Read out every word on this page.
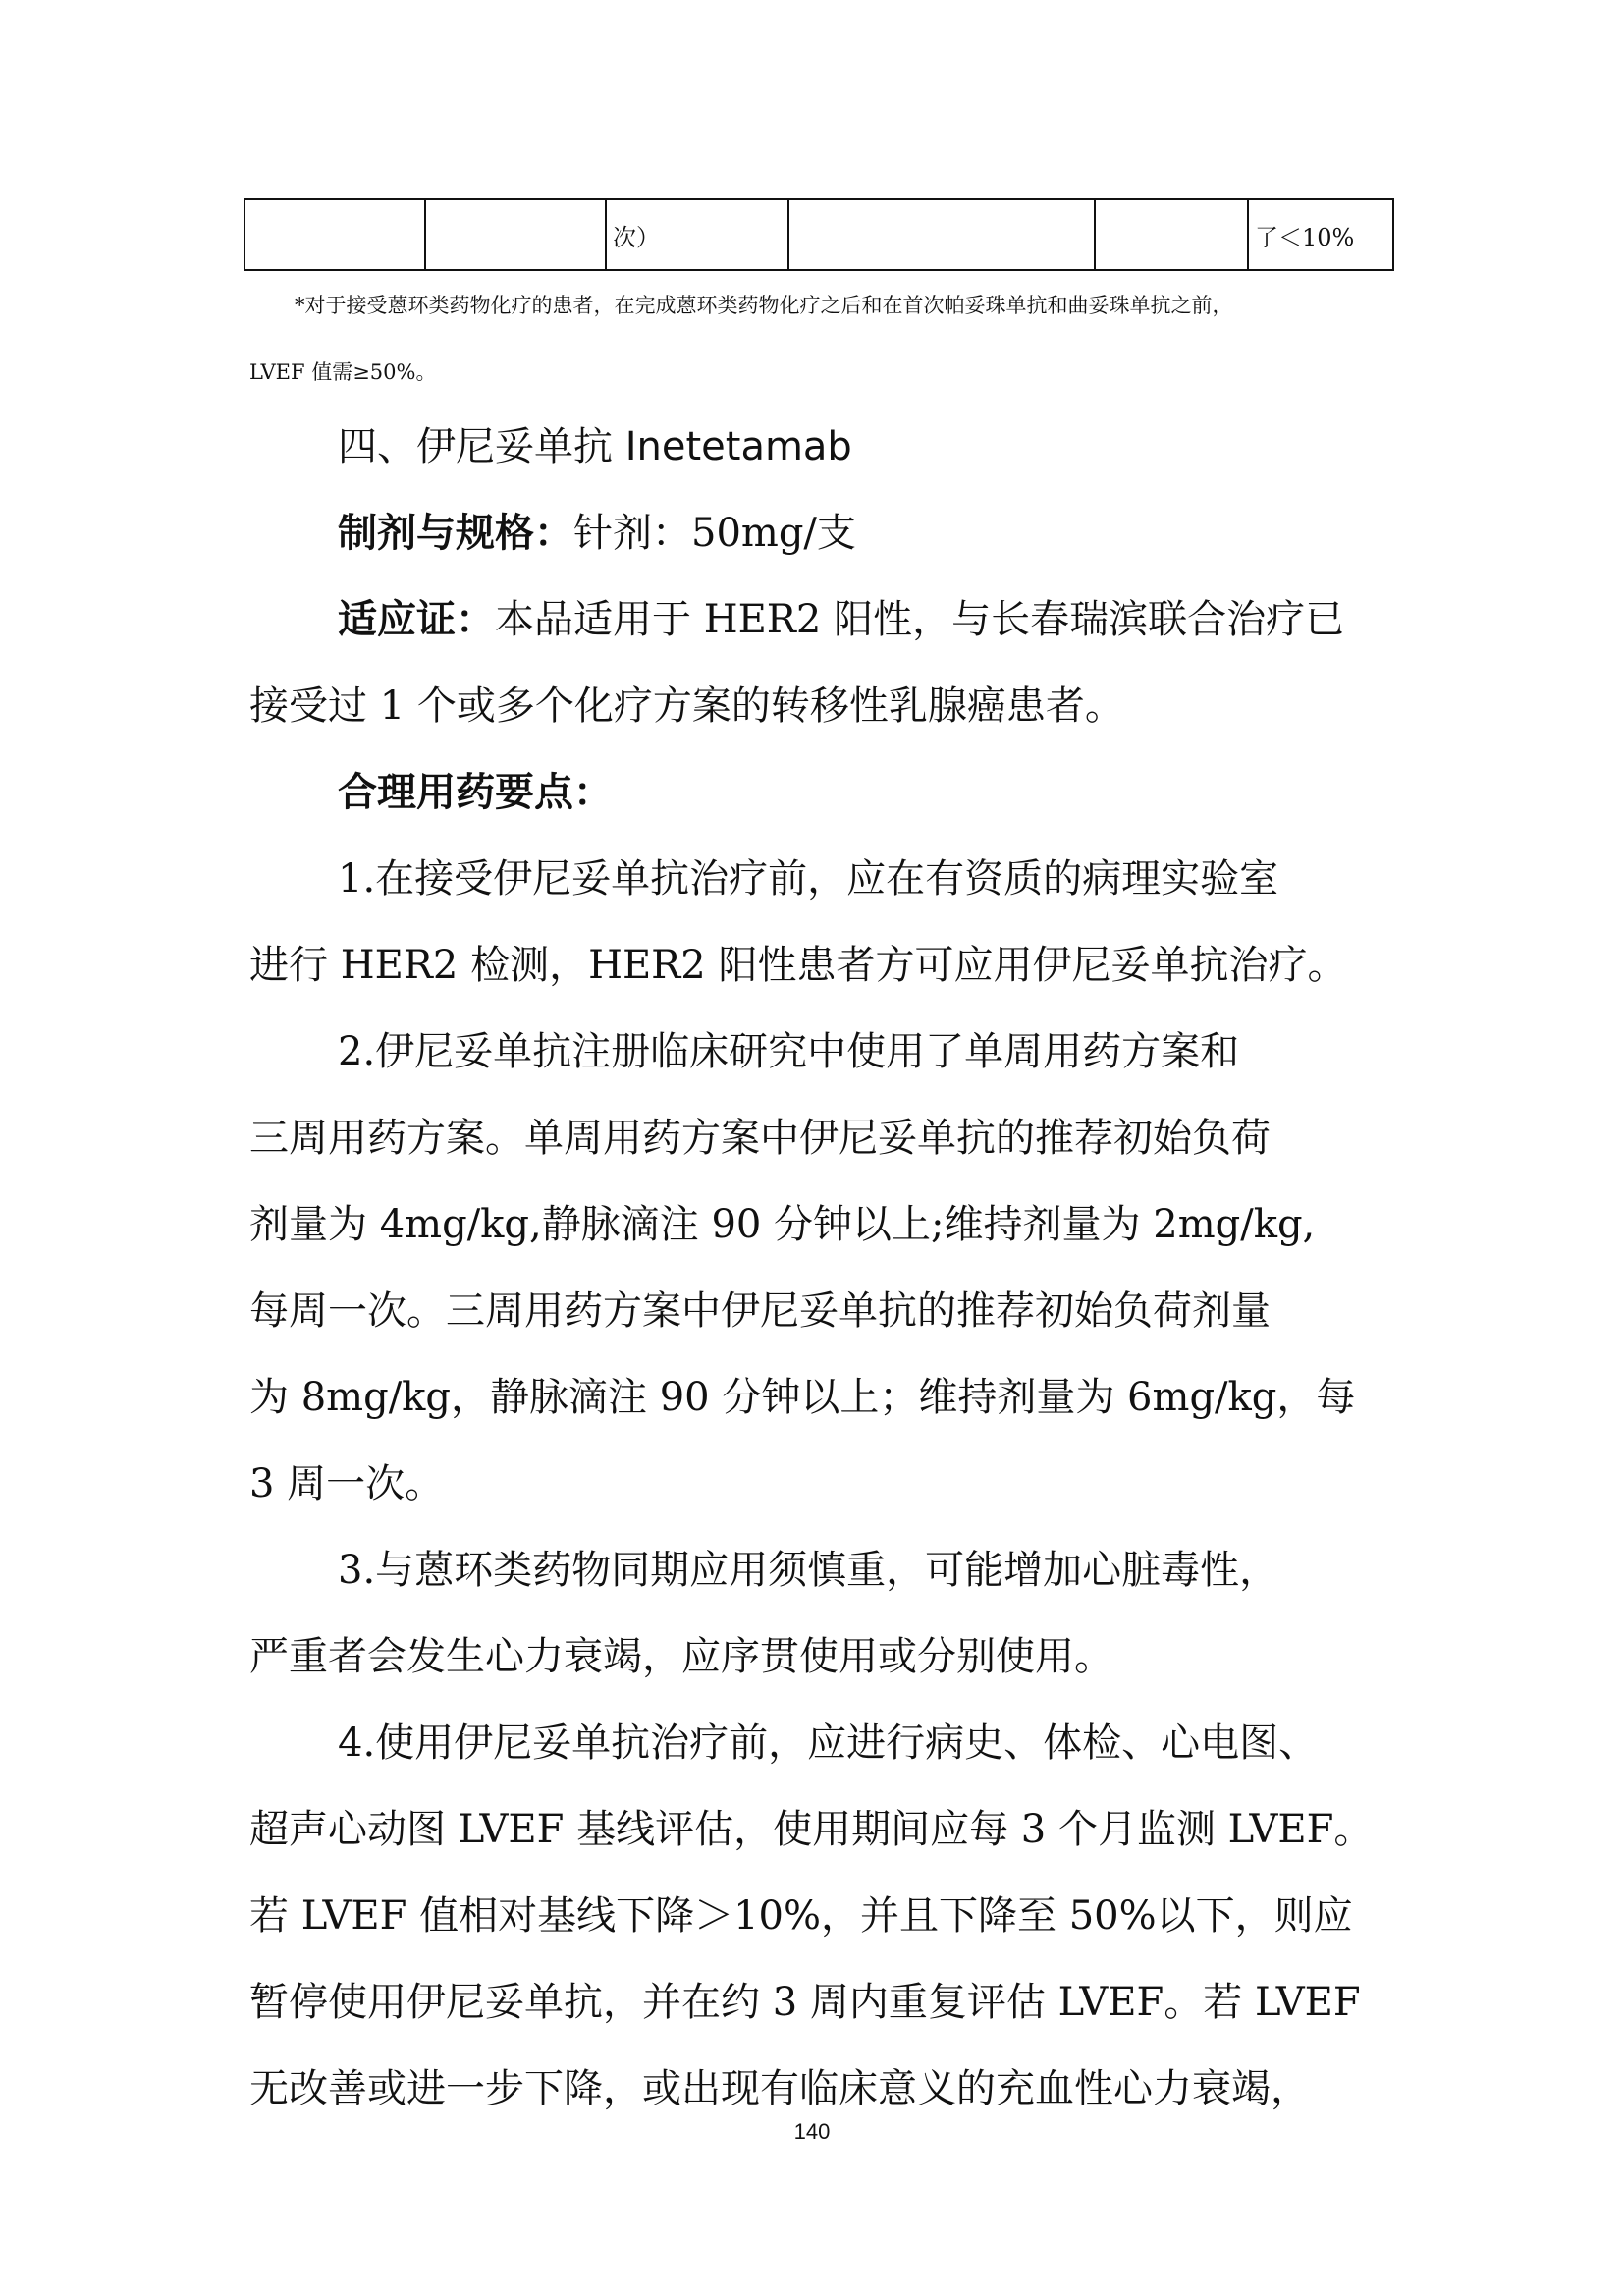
		次）			了＜10%
*对于接受蒽环类药物化疗的患者，在完成蒽环类药物化疗之后和在首次帕妥珠单抗和曲妥珠单抗之前，
LVEF 值需≥50%。
四、伊尼妥单抗 Inetetamab
制剂与规格：针剂：50mg/支
适应证：本品适用于 HER2 阳性，与长春瑞滨联合治疗已
接受过 1 个或多个化疗方案的转移性乳腺癌患者。
合理用药要点：
1.在接受伊尼妥单抗治疗前，应在有资质的病理实验室
进行 HER2 检测，HER2 阳性患者方可应用伊尼妥单抗治疗。
2.伊尼妥单抗注册临床研究中使用了单周用药方案和
三周用药方案。单周用药方案中伊尼妥单抗的推荐初始负荷
剂量为 4mg/kg,静脉滴注 90 分钟以上;维持剂量为 2mg/kg,
每周一次。三周用药方案中伊尼妥单抗的推荐初始负荷剂量
为 8mg/kg，静脉滴注 90 分钟以上；维持剂量为 6mg/kg，每
3 周一次。
3.与蒽环类药物同期应用须慎重，可能增加心脏毒性，
严重者会发生心力衰竭，应序贯使用或分别使用。
4.使用伊尼妥单抗治疗前，应进行病史、体检、心电图、
超声心动图 LVEF 基线评估，使用期间应每 3 个月监测 LVEF。
若 LVEF 值相对基线下降＞10%，并且下降至 50%以下，则应
暂停使用伊尼妥单抗，并在约 3 周内重复评估 LVEF。若 LVEF
无改善或进一步下降，或出现有临床意义的充血性心力衰竭，
140
